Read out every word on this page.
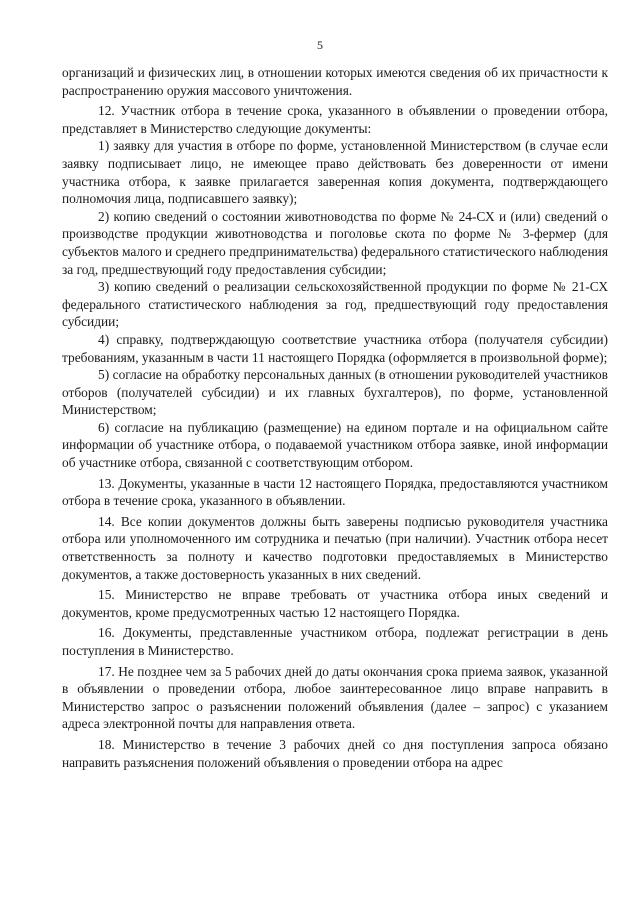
5

организаций и физических лиц, в отношении которых имеются сведения об их причастности к распространению оружия массового уничтожения.

12. Участник отбора в течение срока, указанного в объявлении о проведении отбора, представляет в Министерство следующие документы:

1) заявку для участия в отборе по форме, установленной Министерством (в случае если заявку подписывает лицо, не имеющее право действовать без доверенности от имени участника отбора, к заявке прилагается заверенная копия документа, подтверждающего полномочия лица, подписавшего заявку);

2) копию сведений о состоянии животноводства по форме № 24-СХ и (или) сведений о производстве продукции животноводства и поголовье скота по форме № 3-фермер (для субъектов малого и среднего предпринимательства) федерального статистического наблюдения за год, предшествующий году предоставления субсидии;

3) копию сведений о реализации сельскохозяйственной продукции по форме № 21-СХ федерального статистического наблюдения за год, предшествующий году предоставления субсидии;

4) справку, подтверждающую соответствие участника отбора (получателя субсидии) требованиям, указанным в части 11 настоящего Порядка (оформляется в произвольной форме);

5) согласие на обработку персональных данных (в отношении руководителей участников отборов (получателей субсидии) и их главных бухгалтеров), по форме, установленной Министерством;

6) согласие на публикацию (размещение) на едином портале и на официальном сайте информации об участнике отбора, о подаваемой участником отбора заявке, иной информации об участнике отбора, связанной с соответствующим отбором.

13. Документы, указанные в части 12 настоящего Порядка, предоставляются участником отбора в течение срока, указанного в объявлении.

14. Все копии документов должны быть заверены подписью руководителя участника отбора или уполномоченного им сотрудника и печатью (при наличии). Участник отбора несет ответственность за полноту и качество подготовки предоставляемых в Министерство документов, а также достоверность указанных в них сведений.

15. Министерство не вправе требовать от участника отбора иных сведений и документов, кроме предусмотренных частью 12 настоящего Порядка.

16. Документы, представленные участником отбора, подлежат регистрации в день поступления в Министерство.

17. Не позднее чем за 5 рабочих дней до даты окончания срока приема заявок, указанной в объявлении о проведении отбора, любое заинтересованное лицо вправе направить в Министерство запрос о разъяснении положений объявления (далее – запрос) с указанием адреса электронной почты для направления ответа.

18. Министерство в течение 3 рабочих дней со дня поступления запроса обязано направить разъяснения положений объявления о проведении отбора на адрес
